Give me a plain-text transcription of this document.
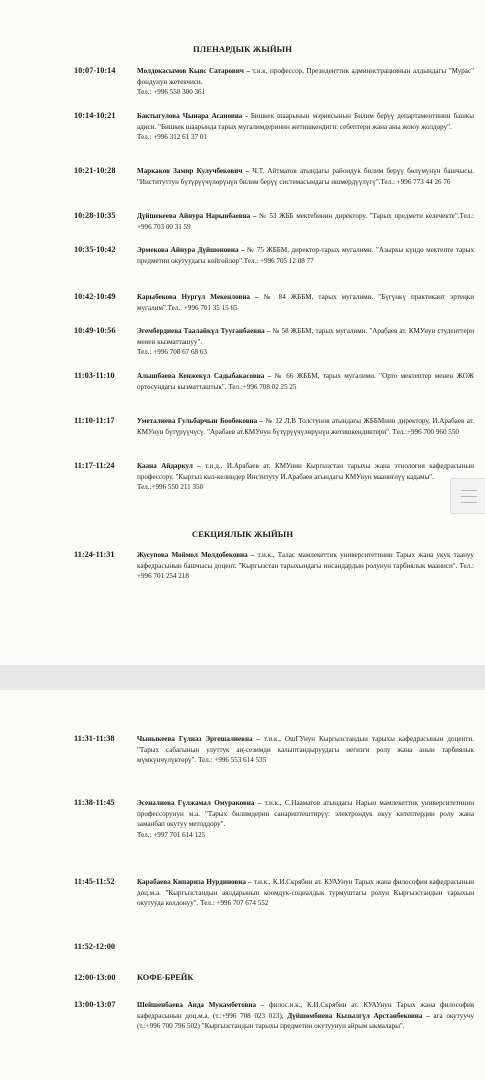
ПЛЕНАРДЫК ЖЫЙЫН
10:07-10:14	Молдокасымов Кыяс Сатарович – т.и.к, профессор, Президенттик администрациянын алдындагы "Мурас" фондунун жетекчиси.
Тел.: +996 550 300 361
10:14-10:21	Бактыгулова Чынара Асановна - Бишкек шаарынын мэриясынын Билим берүү департаментинин башкы адиси. "Бишкек шаарында тарых мугалимдеринин жетишкендиги: себептери жана аны жоюу жолдору".
Тел.: +996 312 61 37 01
10:21-10:28	Маркаков Замир Кулучбекович – Ч.Т. Айтматов атындагы райондук билим берүү бөлүмүнүн башчысы. "Институттун бүтүрүүчүлөрүнүн билим берүү системасындагы ишмердүүлүгү".Тел.: +996 773 44 26 76
10:28-10:35	Дүйшекеева Айнура Нарынбаевна – № 53 ЖББ мектебинин директору. "Тарых предмети келечекте".Тел.: +996 703 00 31 59
10:35-10:42	Эрмекова Айнура Дүйшоновна – № 75 ЖББМ, директор-тарых мугалими. "Азыркы күндө мектепте тарых предметин окутуудагы көйгөйлөр".Тел.: +996 705 12 08 77
10:42-10:49	Карыбекова Нургүл Мекенловна – № 84 ЖББМ, тарых мугалими. "Бүгүнкү практикант эртеңки мугалим".Тел.: +996 701 35 15 65
10:49-10:56	Эгембердиева Таалайкүл Тууганбаевна – № 58 ЖББМ, тарых мугалими. "Арабаев ат. КМУнун студенттери менен кызматташуу".
Тел.: +996 708 67 68 63
11:03-11:10	Алышбаева Кенжекүл Садыбакасовна – № 66 ЖББМ, тарых мугалими. "Орто мектептер менен ЖОЖ ортосундагы кызматташтык". Тел.:+996 708 02 25 25
11:10-11:17	Уметалиева Гульбарчын Бообековна – № 12 Л.В Толстунов атындагы ЖББМнин директору, И.Арабаев ат. КМУнун бүтүрүүчүсү. "Арабаев ат.КМУнун бүтүрүүчүлөрүнүн жетишкендиктери". Тел.:+996 700 960 550
11:17-11:24	Каана Айдаркул – т.и.д., И.Арабаев ат. КМУнин Кыргызстан тарыхы жана этнология кафедрасынын профессору. "Кыргыз кыз-келиндер Институту И.Арабаев атындагы КМУнун мааниглүү кадамы".
Тел.:+996 550 211 350
СЕКЦИЯЛЫК ЖЫЙЫН
11:24-11:31	Жусупова Моймол Молдобековна – т.и.к., Талас мамлекеттик университетинин Тарых жана укук таануу кафедрасынын башчысы доцент. "Кыргызстан тарыхындагы инсандардын ролунун тарбиялык мааниси". Тел.: +996 701 254 218
11:31-11:38	Чыныкеева Гүлназ Эргешалиевна – т.и.к., ОшГУнун Кыргызстандын тарыхы кафедрасынын доценти. "Тарых сабагынын улуттук аң-сезимди калыптандыруудагы негизги ролу жана анын тарбиялык мүмкүнчүлүктөрү". Тел.: +996 553 614 535
11:38-11:45	Эсеналиева Гүлжамал Омураковна – т.и.к., С.Нааматов атындагы Нарын мамлекеттик университетинин профессорунун м.а. "Тарых билимдерин санариптештирүү: электрондук окуу китептердин ролу жана заманбап окутуу методдору".
Тел.: +997 701 614 125
11:45-11:52	Карабаева Кипариза Нурдиновна – т.и.к., К.И.Скрябин ат. КУАУнун Тарых жана философия кафедрасынын доц.м.а. "Кыргызстандын аялдарынын коомдук-социалдык турмуштагы ролун Кыргызстандын тарыхын окутууда колдонуу". Тел.: +996 707 674 552
11:52-12:00
12:00-13:00	КОФЕ-БРЕЙК
13:00-13:07	Шейшенбаева Аида Мукамбетовна – филос.и.к., К.И.Скрябин ат. КУАУнун Тарых жана философия кафедрасынын доц.м.а. (т.:+996 708 023 023), Дүйшөмбиева Кызылгүл Арстанбековна – ага окутуучу (т.:+996 700 796 502) "Кыргызстандын тарыхы предметин окутуунун айрым ыкмалары".
